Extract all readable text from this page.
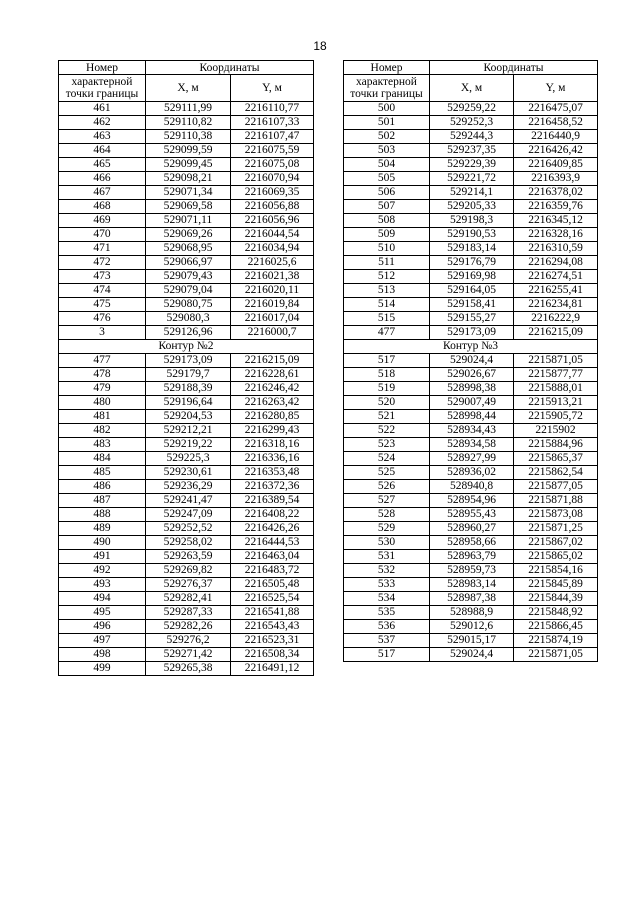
18
Номер	Координаты	

характерной
точки границы	X, м	Y, м
461	529111,99	2216110,77
462	529110,82	2216107,33
463	529110,38	2216107,47
464	529099,59	2216075,59
465	529099,45	2216075,08
466	529098,21	2216070,94
467	529071,34	2216069,35
468	529069,58	2216056,88
469	529071,11	2216056,96
470	529069,26	2216044,54
471	529068,95	2216034,94
472	529066,97	2216025,6
473	529079,43	2216021,38
474	529079,04	2216020,11
475	529080,75	2216019,84
476	529080,3	2216017,04
3	529126,96	2216000,7
Контур №2		
477	529173,09	2216215,09
478	529179,7	2216228,61
479	529188,39	2216246,42
480	529196,64	2216263,42
481	529204,53	2216280,85
482	529212,21	2216299,43
483	529219,22	2216318,16
484	529225,3	2216336,16
485	529230,61	2216353,48
486	529236,29	2216372,36
487	529241,47	2216389,54
488	529247,09	2216408,22
489	529252,52	2216426,26
490	529258,02	2216444,53
491	529263,59	2216463,04
492	529269,82	2216483,72
493	529276,37	2216505,48
494	529282,41	2216525,54
495	529287,33	2216541,88
496	529282,26	2216543,43
497	529276,2	2216523,31
498	529271,42	2216508,34
499	529265,38	2216491,12
Номер	Координаты	

характерной
точки границы	X, м	Y, м
500	529259,22	2216475,07
501	529252,3	2216458,52
502	529244,3	2216440,9
503	529237,35	2216426,42
504	529229,39	2216409,85
505	529221,72	2216393,9
506	529214,1	2216378,02
507	529205,33	2216359,76
508	529198,3	2216345,12
509	529190,53	2216328,16
510	529183,14	2216310,59
511	529176,79	2216294,08
512	529169,98	2216274,51
513	529164,05	2216255,41
514	529158,41	2216234,81
515	529155,27	2216222,9
477	529173,09	2216215,09
Контур №3		
517	529024,4	2215871,05
518	529026,67	2215877,77
519	528998,38	2215888,01
520	529007,49	2215913,21
521	528998,44	2215905,72
522	528934,43	2215902
523	528934,58	2215884,96
524	528927,99	2215865,37
525	528936,02	2215862,54
526	528940,8	2215877,05
527	528954,96	2215871,88
528	528955,43	2215873,08
529	528960,27	2215871,25
530	528958,66	2215867,02
531	528963,79	2215865,02
532	528959,73	2215854,16
533	528983,14	2215845,89
534	528987,38	2215844,39
535	528988,9	2215848,92
536	529012,6	2215866,45
537	529015,17	2215874,19
517	529024,4	2215871,05
